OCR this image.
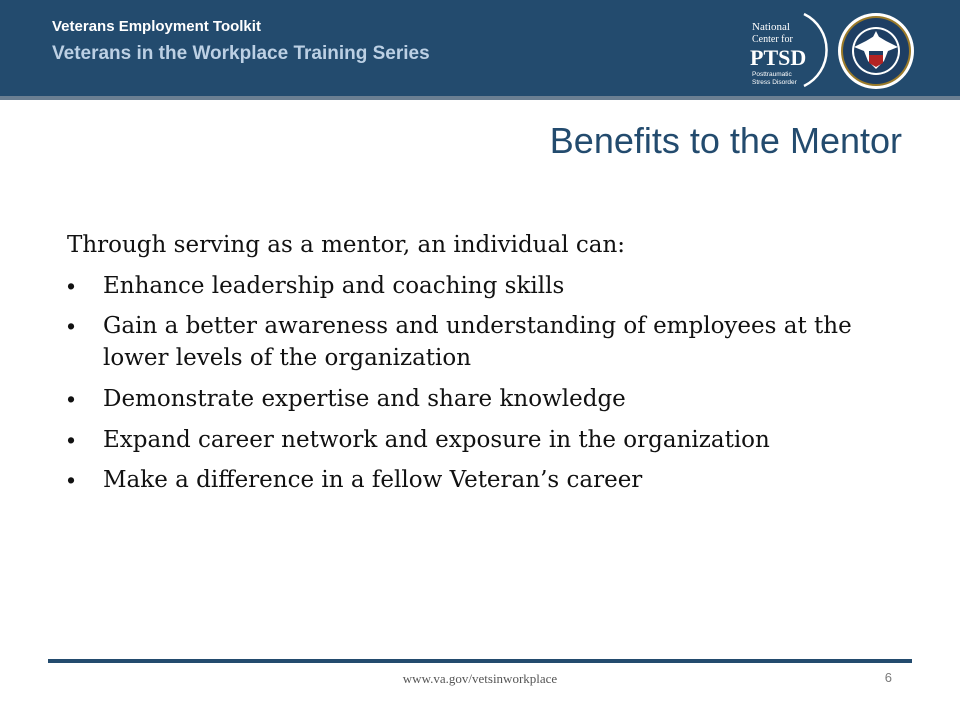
Veterans Employment Toolkit
Veterans in the Workplace Training Series
National
Center for
PTSD
Posttraumatic
Stress Disorder
Benefits to the Mentor

Through serving as a mentor, an individual can:

• Enhance leadership and coaching skills
• Gain a better awareness and understanding of employees at the lower levels of the organization
• Demonstrate expertise and share knowledge
• Expand career network and exposure in the organization
• Make a difference in a fellow Veteran’s career
www.va.gov/vetsinworkplace	6
